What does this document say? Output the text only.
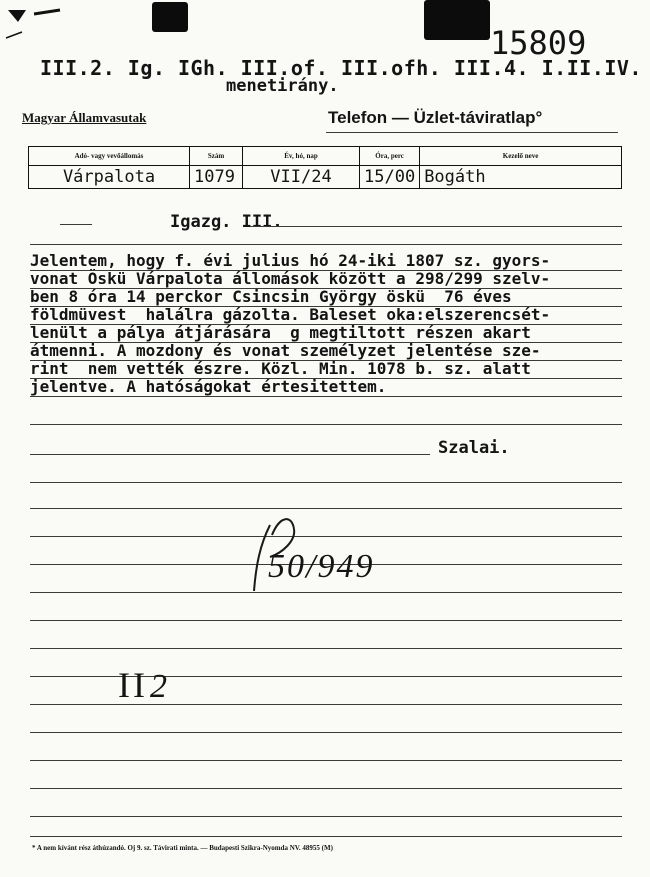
III.2. Ig. IGh. III.of. III.ofh. III.4. I.II.IV.
menetirány.
15809
Magyar Államvasutak	Telefon — Üzlet-táviratlap°
Adó- vagy vevőállomás	Szám	Év, hó, nap	Óra, perc	Kezelő neve
Várpalota	1079	VII/24	15/00	Bogáth
Igazg. III.
Jelentem, hogy f. évi julius hó 24-iki 1807 sz. gyors-
vonat Öskü Várpalota állomások között a 298/299 szelv-
ben 8 óra 14 perckor Csincsin György öskü  76 éves
földmüvest  halálra gázolta. Baleset oka:elszerencsét-
lenült a pálya átjárására  g megtiltott részen akart
átmenni. A mozdony és vonat személyzet jelentése sze-
rint  nem vették észre. Közl. Min. 1078 b. sz. alatt
jelentve. A hatóságokat értesitettem.
Szalai.
50/949
II 2
* A nem kívánt rész áthúzandó. Oj 9. sz. Távirati minta. — Budapesti Szikra-Nyomda NV. 48955 (M)
